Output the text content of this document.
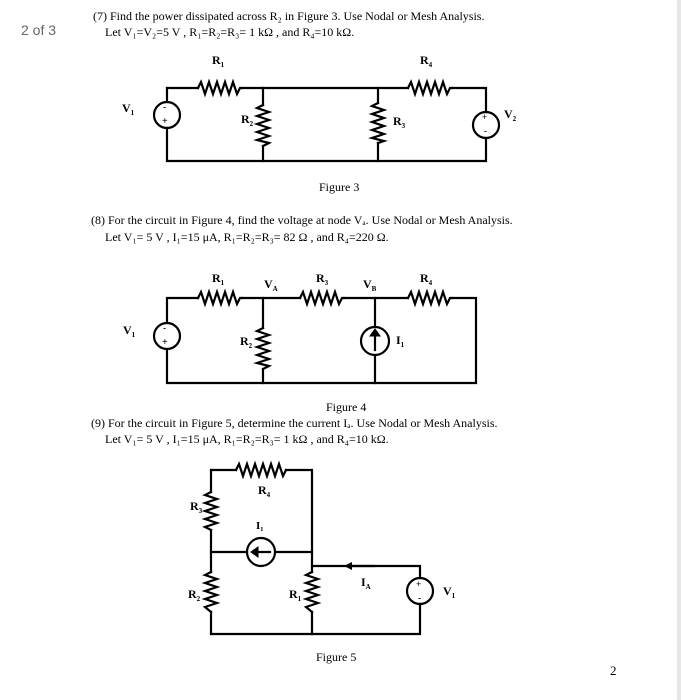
2 of 3
(7) Find the power dissipated across R₂ in Figure 3. Use Nodal or Mesh Analysis.
Let V₁=V₂=5 V , R₁=R₂=R₃= 1 kΩ , and R₄=10 kΩ.
-
+	+
-
$R_1$	$R_4$
$R_2$	$R_3$
$V_1$	$V_2$
-
+
$R_1$	$V_A$
$R_3$	$V_B$
$R_4$
$R_2$
$V_1$	$I_1$
+
-
$R_4$
$R_3$
I₁
$R_2$	$R_1$
$I_A$	$V_1$
Figure 3
(8) For the circuit in Figure 4, find the voltage at node Vₐ. Use Nodal or Mesh Analysis.
Let V₁= 5 V , I₁=15 μA, R₁=R₂=R₃= 82 Ω , and R₄=220 Ω.
Figure 4
(9) For the circuit in Figure 5, determine the current Iₐ. Use Nodal or Mesh Analysis.
Let V₁= 5 V , I₁=15 μA, R₁=R₂=R₃= 1 kΩ , and R₄=10 kΩ.
Figure 5
2
